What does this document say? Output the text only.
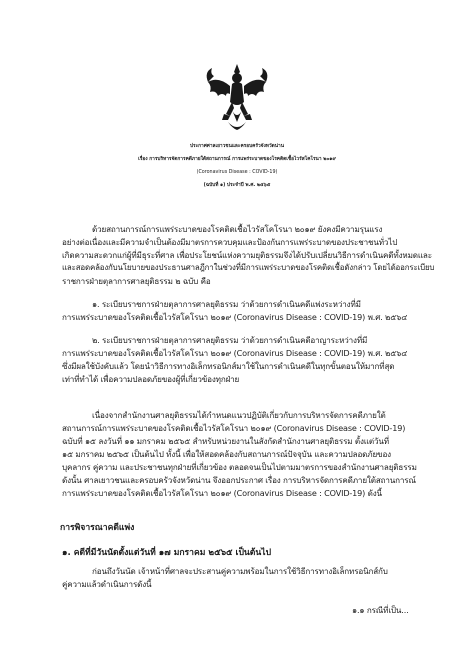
ประกาศศาลเยาวชนและครอบครัวจังหวัดน่าน
เรื่อง การบริหารจัดการคดีภายใต้สถานการณ์ การแพร่ระบาดของโรคติดเชื้อไวรัสโคโรนา ๒๐๑๙
(Coronavirus Disease : COVID-19)
(ฉบับที่ ๑) ประจำปี พ.ศ. ๒๕๖๕
ด้วยสถานการณ์การแพร่ระบาดของโรคติดเชื้อไวรัสโคโรนา ๒๐๑๙ ยังคงมีความรุนแรง
อย่างต่อเนื่องและมีความจำเป็นต้องมีมาตรการควบคุมและป้องกันการแพร่ระบาดของประชาชนทั่วไป
เกิดความสะดวกแก่ผู้ที่มีธุระที่ศาล เพื่อประโยชน์แห่งความยุติธรรมจึงได้ปรับเปลี่ยนวิธีการดำเนินคดีทั้งหมดและ
และสอดคล้องกับนโยบายของประธานศาลฎีกาในช่วงที่มีการแพร่ระบาดของโรคติดเชื้อดังกล่าว โดยได้ออกระเบียบ
ราชการฝ่ายตุลาการศาลยุติธรรม ๒ ฉบับ คือ
๑. ระเบียบราชการฝ่ายตุลาการศาลยุติธรรม ว่าด้วยการดำเนินคดีแพ่งระหว่างที่มี
การแพร่ระบาดของโรคติดเชื้อไวรัสโคโรนา ๒๐๑๙ (Coronavirus Disease : COVID-19) พ.ศ. ๒๕๖๔
๒. ระเบียบราชการฝ่ายตุลาการศาลยุติธรรม ว่าด้วยการดำเนินคดีอาญาระหว่างที่มี
การแพร่ระบาดของโรคติดเชื้อไวรัสโคโรนา ๒๐๑๙ (Coronavirus Disease : COVID-19) พ.ศ. ๒๕๖๔
ซึ่งมีผลใช้บังคับแล้ว โดยนำวิธีการทางอิเล็กทรอนิกส์มาใช้ในการดำเนินคดีในทุกขั้นตอนให้มากที่สุด
เท่าที่ทำได้ เพื่อความปลอดภัยของผู้ที่เกี่ยวข้องทุกฝ่าย
เนื่องจากสำนักงานศาลยุติธรรมได้กำหนดแนวปฏิบัติเกี่ยวกับการบริหารจัดการคดีภายใต้
สถานการณ์การแพร่ระบาดของโรคติดเชื้อไวรัสโคโรนา ๒๐๑๙ (Coronavirus Disease : COVID-19)
ฉบับที่ ๑๕ ลงวันที่ ๑๑ มกราคม ๒๕๖๕ สำหรับหน่วยงานในสังกัดสำนักงานศาลยุติธรรม ตั้งแต่วันที่
๑๕ มกราคม ๒๕๖๕ เป็นต้นไป ทั้งนี้ เพื่อให้สอดคล้องกับสถานการณ์ปัจจุบัน และความปลอดภัยของ
บุคลากร คู่ความ และประชาชนทุกฝ่ายที่เกี่ยวข้อง ตลอดจนเป็นไปตามมาตรการของสำนักงานศาลยุติธรรม
ดังนั้น ศาลเยาวชนและครอบครัวจังหวัดน่าน จึงออกประกาศ เรื่อง การบริหารจัดการคดีภายใต้สถานการณ์
การแพร่ระบาดของโรคติดเชื้อไวรัสโคโรนา ๒๐๑๙ (Coronavirus Disease : COVID-19) ดังนี้
การพิจารณาคดีแพ่ง
๑. คดีที่มีวันนัดตั้งแต่วันที่ ๑๗ มกราคม ๒๕๖๕ เป็นต้นไป
ก่อนถึงวันนัด เจ้าหน้าที่ศาลจะประสานคู่ความพร้อมในการใช้วิธีการทางอิเล็กทรอนิกส์กับ
คู่ความแล้วดำเนินการดังนี้
๑.๑ กรณีที่เป็น...
